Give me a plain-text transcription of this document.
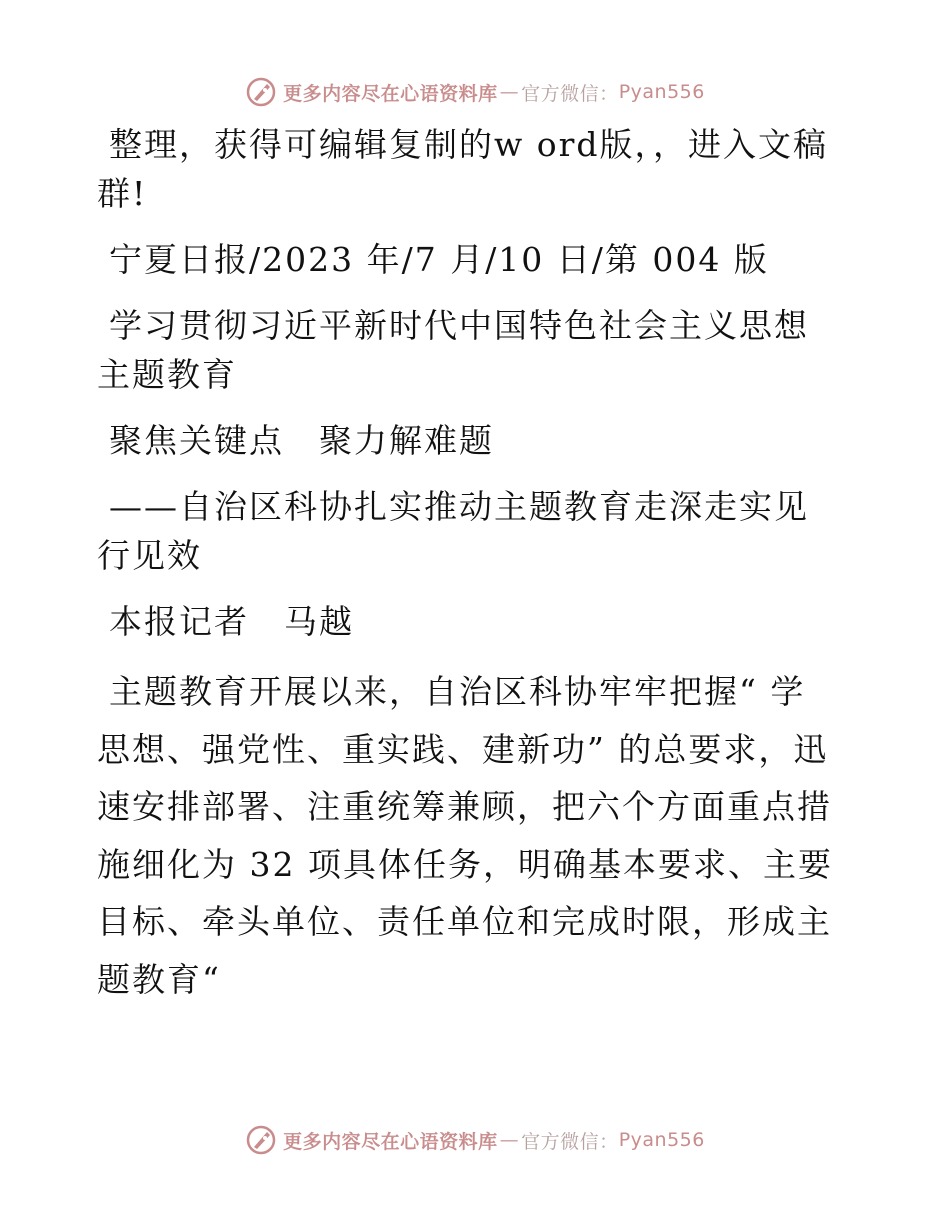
更多内容尽在心语资料库 — 官方微信： Pyan556

整理，获得可编辑复制的w ord版，，进入文稿群!

宁夏日报/2023 年/7 月/10 日/第 004 版

学习贯彻习近平新时代中国特色社会主义思想主题教育

聚焦关键点　聚力解难题

——自治区科协扎实推动主题教育走深走实见行见效

本报记者　马越

主题教育开展以来，自治区科协牢牢把握“ 学思想、强党性、重实践、建新功” 的总要求，迅速安排部署、注重统筹兼顾，把六个方面重点措施细化为 32 项具体任务，明确基本要求、主要目标、牵头单位、责任单位和完成时限，形成主题教育“

更多内容尽在心语资料库 — 官方微信： Pyan556
